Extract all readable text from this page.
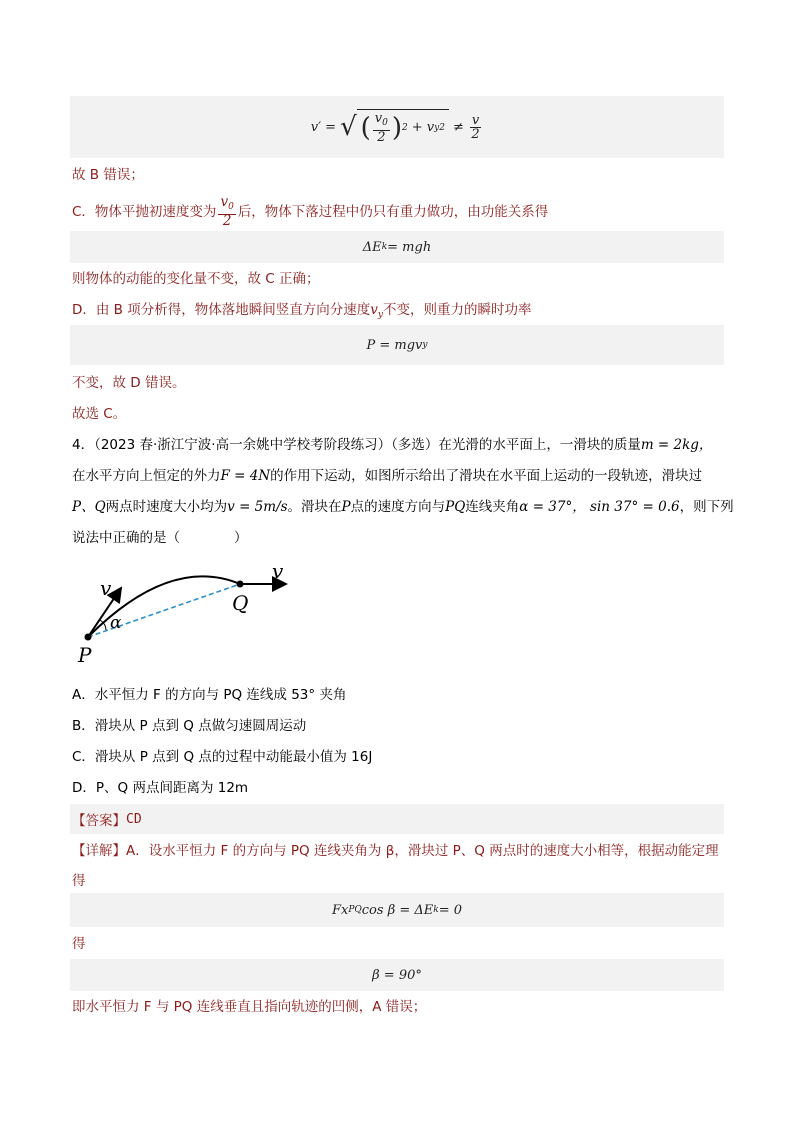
v′ = √ ( $\frac{v_0}{2}$ ) 2 + v y $2 \ne \frac{v}{2}$
故 B 错误；
C．物体平抛初速度变为 $\frac{v_0}{2}$ 后，物体下落过程中仍只有重力做功，由功能关系得
ΔE k = mgh
则物体的动能的变化量不变，故 C 正确；
D．由 B 项分析得，物体落地瞬间竖直方向分速度$v_y$不变，则重力的瞬时功率
P = mgv y
不变，故 D 错误。
故选 C。
4．（2023 春·浙江宁波·高一余姚中学校考阶段练习）（多选）在光滑的水平面上，一滑块的质量m = 2kg，
在水平方向上恒定的外力F = 4N的作用下运动，如图所示给出了滑块在水平面上运动的一段轨迹，滑块过
P、Q两点时速度大小均为v = 5m/s。滑块在P点的速度方向与PQ连线夹角α = 37°， sin 37° = 0.6，则下列
说法中正确的是（　　　　）
v
v
P
Q
α
A．水平恒力 F 的方向与 PQ 连线成 53° 夹角
B．滑块从 P 点到 Q 点做匀速圆周运动
C．滑块从 P 点到 Q 点的过程中动能最小值为 16J
D．P、Q 两点间距离为 12m
【答案】 CD
【详解】A．设水平恒力 F 的方向与 PQ 连线夹角为 β，滑块过 P、Q 两点时的速度大小相等，根据动能定理
得
Fx PQ cos β = ΔE k = 0
得
β = 90°
即水平恒力 F 与 PQ 连线垂直且指向轨迹的凹侧，A 错误；
